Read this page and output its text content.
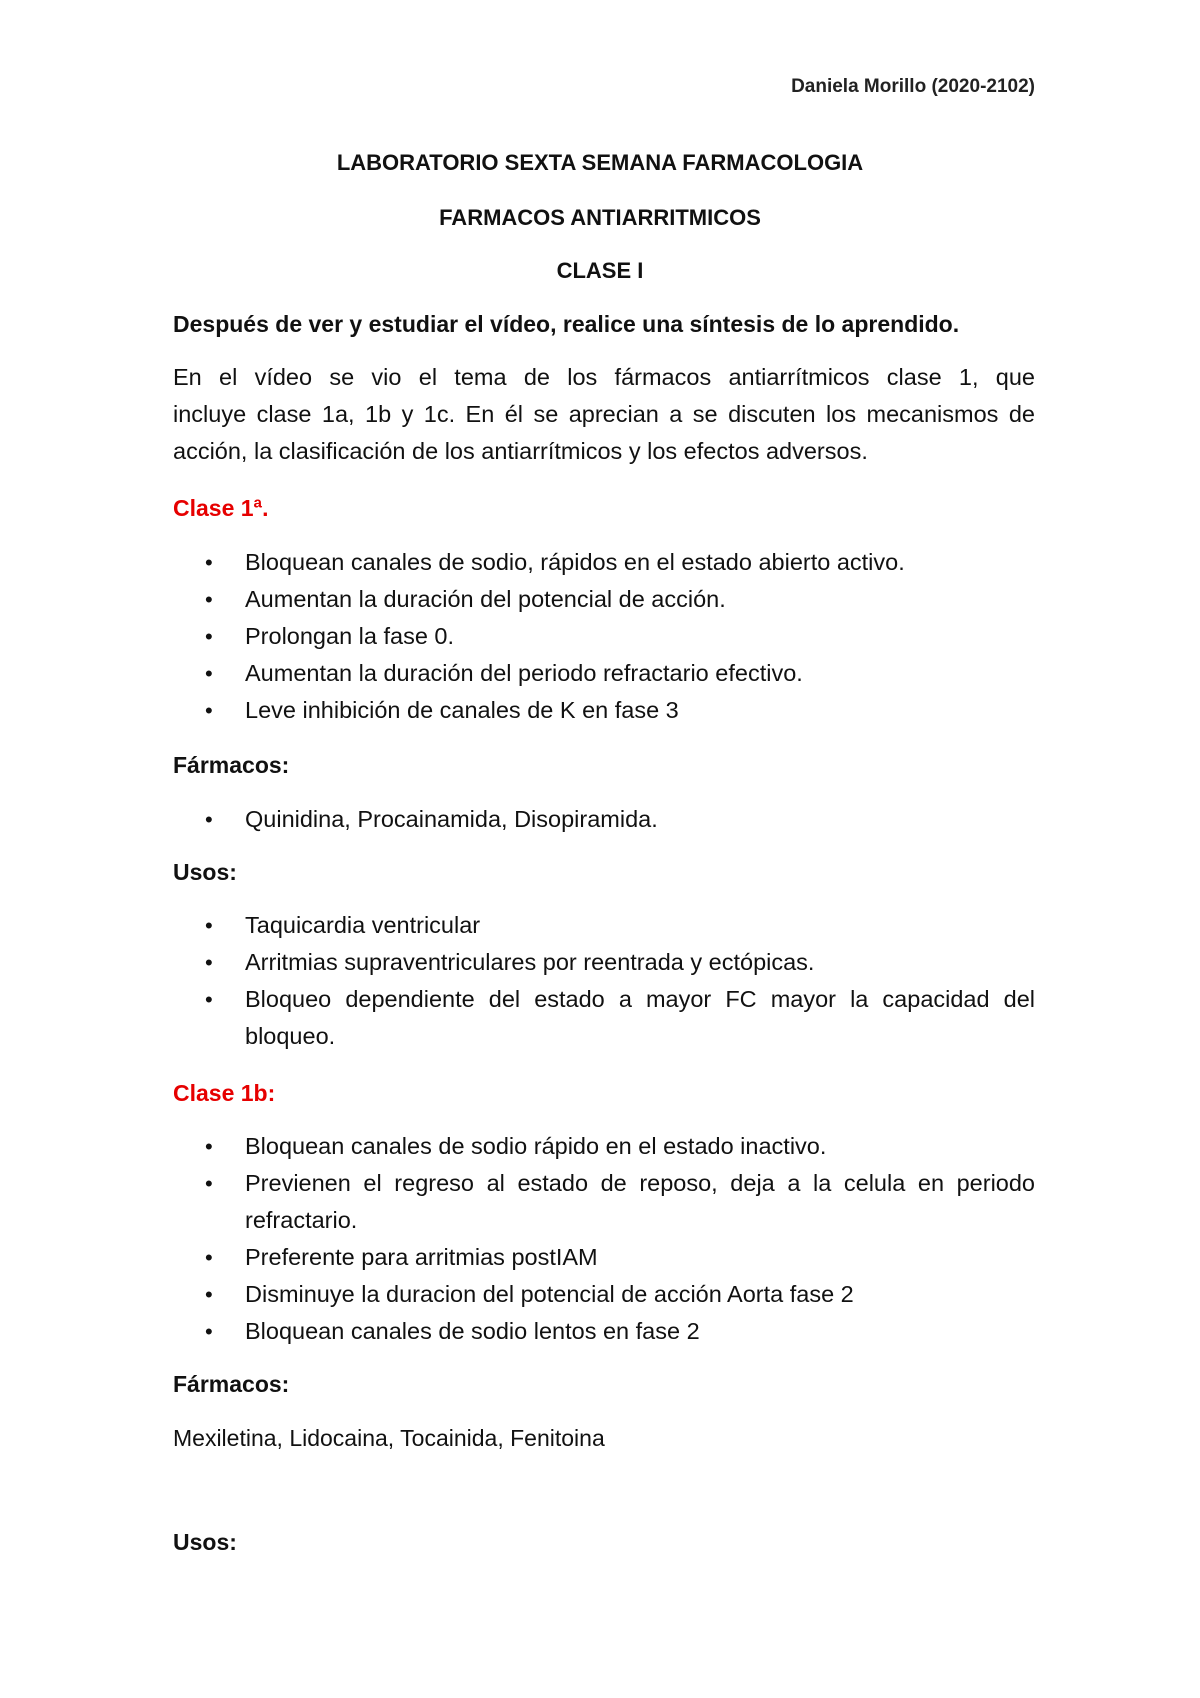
Daniela Morillo (2020-2102)
LABORATORIO SEXTA SEMANA FARMACOLOGIA
FARMACOS ANTIARRITMICOS
CLASE I
Después de ver y estudiar el vídeo, realice una síntesis de lo aprendido.
En el vídeo se vio el tema de los fármacos antiarrítmicos clase 1, que
incluye clase 1a, 1b y 1c. En él se aprecian a se discuten los mecanismos de
acción, la clasificación de los antiarrítmicos y los efectos adversos.
Clase 1ª.
• Bloquean canales de sodio, rápidos en el estado abierto activo.
• Aumentan la duración del potencial de acción.
• Prolongan la fase 0.
• Aumentan la duración del periodo refractario efectivo.
• Leve inhibición de canales de K en fase 3
Fármacos:
• Quinidina, Procainamida, Disopiramida.
Usos:
• Taquicardia ventricular
• Arritmias supraventriculares por reentrada y ectópicas.
• Bloqueo dependiente del estado a mayor FC mayor la capacidad del bloqueo.
Clase 1b:
• Bloquean canales de sodio rápido en el estado inactivo.
• Previenen el regreso al estado de reposo, deja a la celula en periodo refractario.
• Preferente para arritmias postIAM
• Disminuye la duracion del potencial de acción Aorta fase 2
• Bloquean canales de sodio lentos en fase 2
Fármacos:
Mexiletina, Lidocaina, Tocainida, Fenitoina
Usos:
